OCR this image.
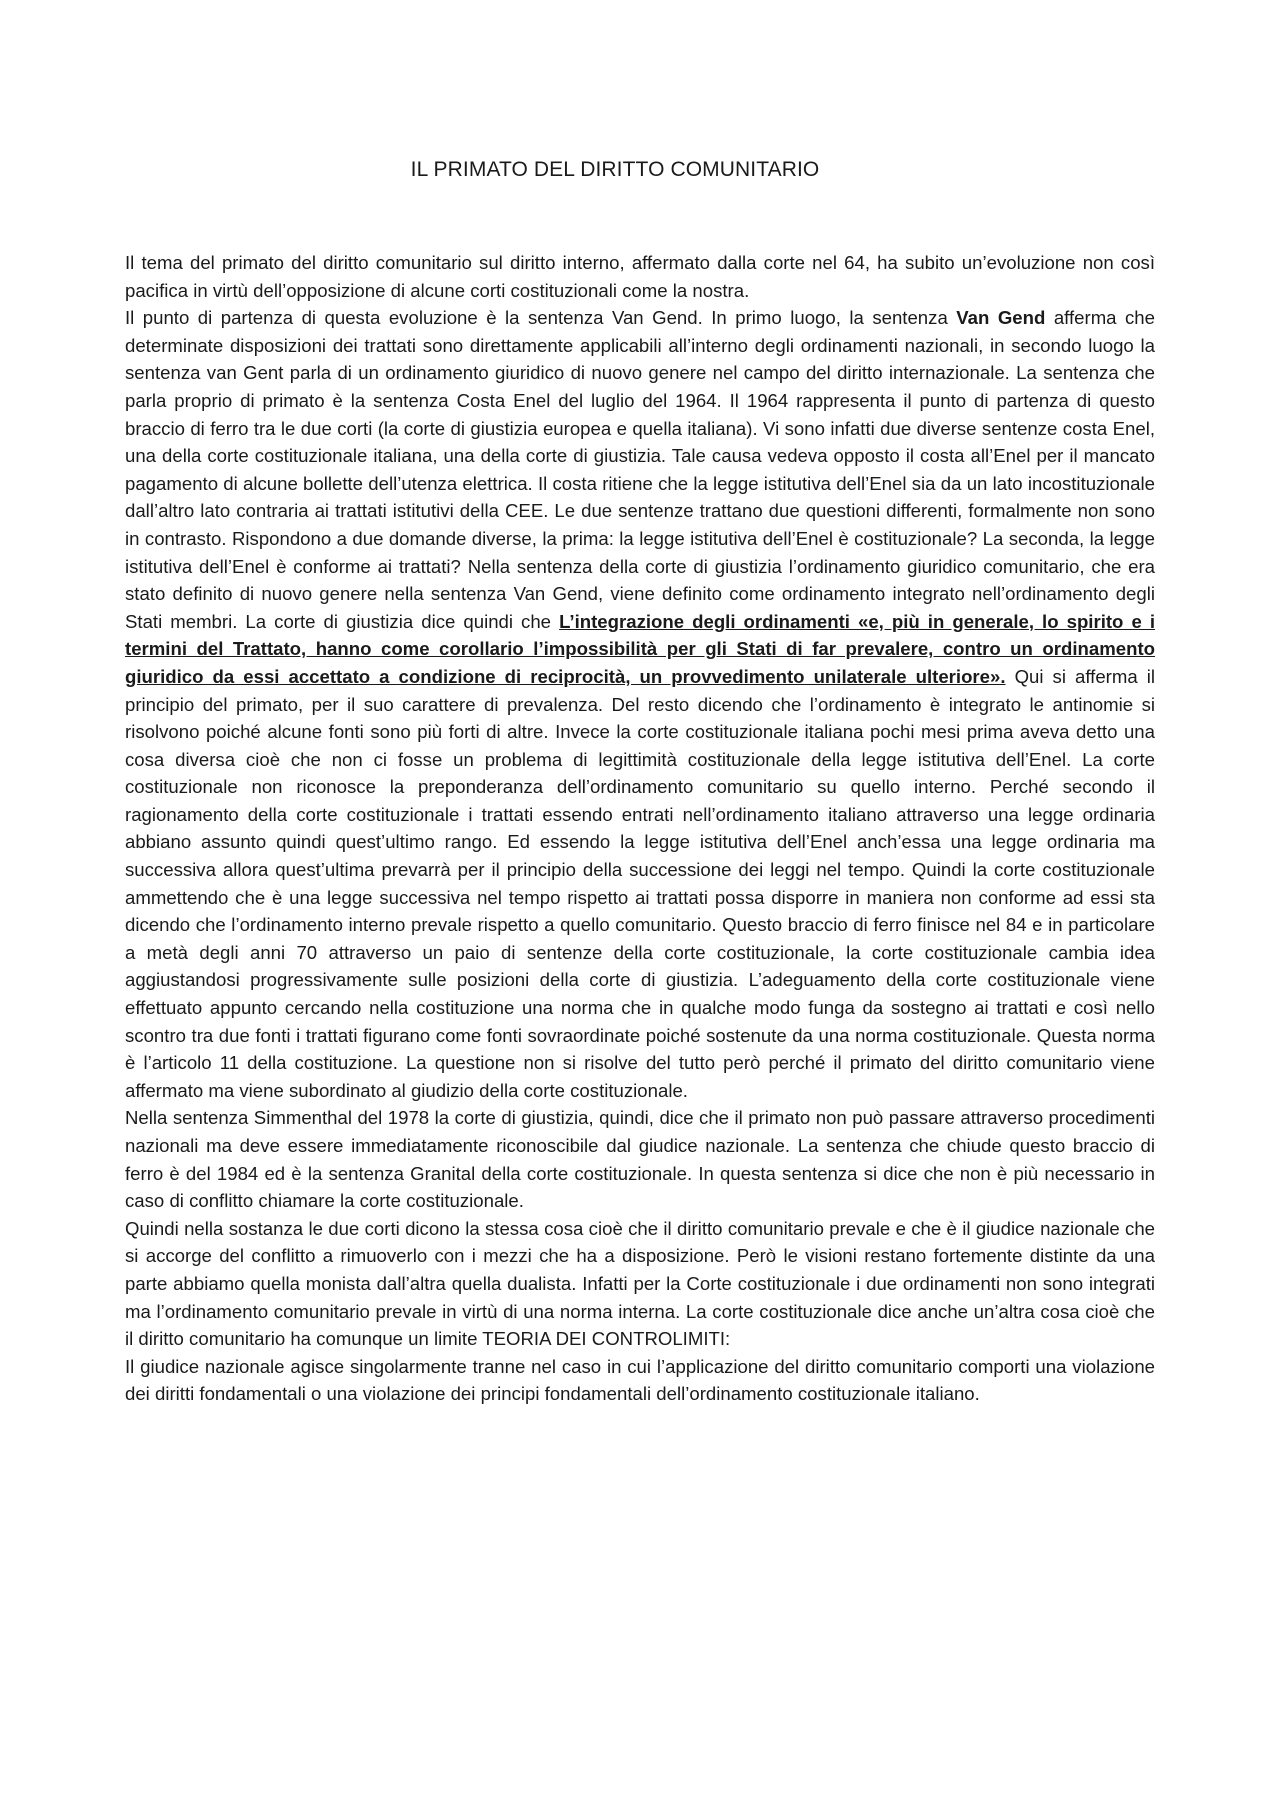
IL PRIMATO DEL DIRITTO COMUNITARIO

Il tema del primato del diritto comunitario sul diritto interno, affermato dalla corte nel 64, ha subito un’evoluzione non così pacifica in virtù dell’opposizione di alcune corti costituzionali come la nostra.

Il punto di partenza di questa evoluzione è la sentenza Van Gend. In primo luogo, la sentenza Van Gend afferma che determinate disposizioni dei trattati sono direttamente applicabili all’interno degli ordinamenti nazionali, in secondo luogo la sentenza van Gent parla di un ordinamento giuridico di nuovo genere nel campo del diritto internazionale. La sentenza che parla proprio di primato è la sentenza Costa Enel del luglio del 1964. Il 1964 rappresenta il punto di partenza di questo braccio di ferro tra le due corti (la corte di giustizia europea e quella italiana). Vi sono infatti due diverse sentenze costa Enel, una della corte costituzionale italiana, una della corte di giustizia. Tale causa vedeva opposto il costa all’Enel per il mancato pagamento di alcune bollette dell’utenza elettrica. Il costa ritiene che la legge istitutiva dell’Enel sia da un lato incostituzionale dall’altro lato contraria ai trattati istitutivi della CEE. Le due sentenze trattano due questioni differenti, formalmente non sono in contrasto. Rispondono a due domande diverse, la prima: la legge istitutiva dell’Enel è costituzionale? La seconda, la legge istitutiva dell’Enel è conforme ai trattati? Nella sentenza della corte di giustizia l’ordinamento giuridico comunitario, che era stato definito di nuovo genere nella sentenza Van Gend, viene definito come ordinamento integrato nell’ordinamento degli Stati membri. La corte di giustizia dice quindi che L’integrazione degli ordinamenti «e, più in generale, lo spirito e i termini del Trattato, hanno come corollario l’impossibilità per gli Stati di far prevalere, contro un ordinamento giuridico da essi accettato a condizione di reciprocità, un provvedimento unilaterale ulteriore». Qui si afferma il principio del primato, per il suo carattere di prevalenza. Del resto dicendo che l’ordinamento è integrato le antinomie si risolvono poiché alcune fonti sono più forti di altre. Invece la corte costituzionale italiana pochi mesi prima aveva detto una cosa diversa cioè che non ci fosse un problema di legittimità costituzionale della legge istitutiva dell’Enel. La corte costituzionale non riconosce la preponderanza dell’ordinamento comunitario su quello interno. Perché secondo il ragionamento della corte costituzionale i trattati essendo entrati nell’ordinamento italiano attraverso una legge ordinaria abbiano assunto quindi quest’ultimo rango. Ed essendo la legge istitutiva dell’Enel anch’essa una legge ordinaria ma successiva allora quest’ultima prevarrà per il principio della successione dei leggi nel tempo. Quindi la corte costituzionale ammettendo che è una legge successiva nel tempo rispetto ai trattati possa disporre in maniera non conforme ad essi sta dicendo che l’ordinamento interno prevale rispetto a quello comunitario. Questo braccio di ferro finisce nel 84 e in particolare a metà degli anni 70 attraverso un paio di sentenze della corte costituzionale, la corte costituzionale cambia idea aggiustandosi progressivamente sulle posizioni della corte di giustizia. L’adeguamento della corte costituzionale viene effettuato appunto cercando nella costituzione una norma che in qualche modo funga da sostegno ai trattati e così nello scontro tra due fonti i trattati figurano come fonti sovraordinate poiché sostenute da una norma costituzionale. Questa norma è l’articolo 11 della costituzione. La questione non si risolve del tutto però perché il primato del diritto comunitario viene affermato ma viene subordinato al giudizio della corte costituzionale.

Nella sentenza Simmenthal del 1978 la corte di giustizia, quindi, dice che il primato non può passare attraverso procedimenti nazionali ma deve essere immediatamente riconoscibile dal giudice nazionale. La sentenza che chiude questo braccio di ferro è del 1984 ed è la sentenza Granital della corte costituzionale. In questa sentenza si dice che non è più necessario in caso di conflitto chiamare la corte costituzionale.

Quindi nella sostanza le due corti dicono la stessa cosa cioè che il diritto comunitario prevale e che è il giudice nazionale che si accorge del conflitto a rimuoverlo con i mezzi che ha a disposizione. Però le visioni restano fortemente distinte da una parte abbiamo quella monista dall’altra quella dualista. Infatti per la Corte costituzionale i due ordinamenti non sono integrati ma l’ordinamento comunitario prevale in virtù di una norma interna. La corte costituzionale dice anche un’altra cosa cioè che il diritto comunitario ha comunque un limite TEORIA DEI CONTROLIMITI:

Il giudice nazionale agisce singolarmente tranne nel caso in cui l’applicazione del diritto comunitario comporti una violazione dei diritti fondamentali o una violazione dei principi fondamentali dell’ordinamento costituzionale italiano.
